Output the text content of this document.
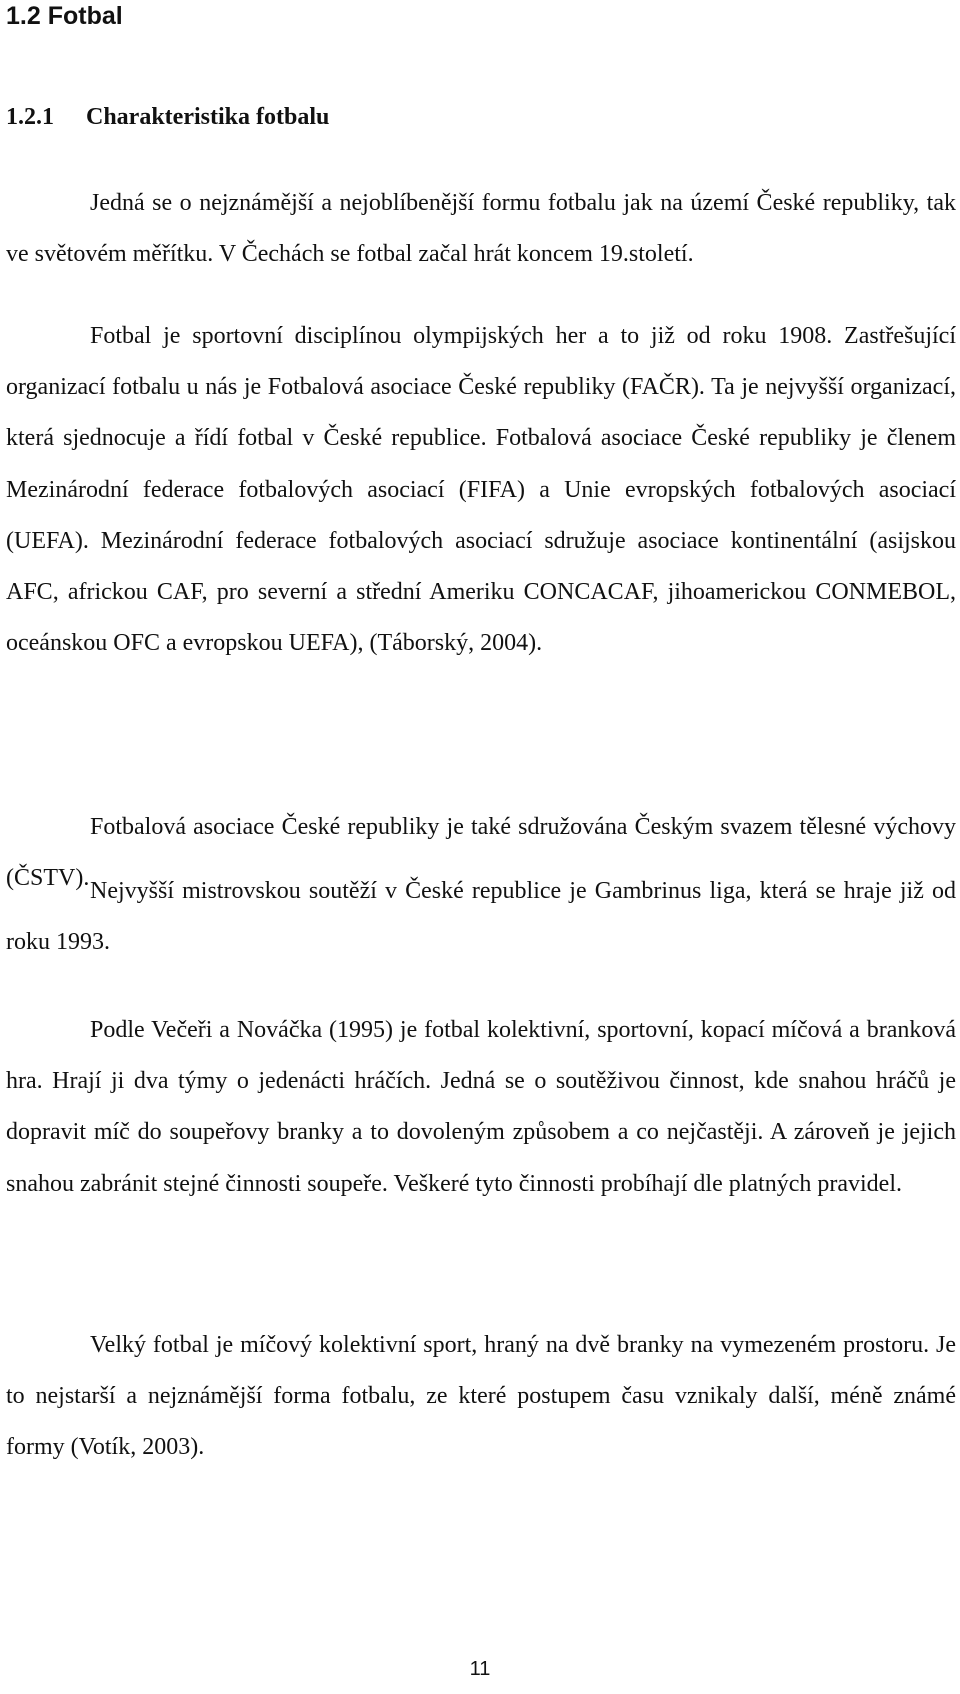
1.2 Fotbal
1.2.1 Charakteristika fotbalu

Jedná se o nejznámější a nejoblíbenější formu fotbalu jak na území České republiky, tak ve světovém měřítku. V Čechách se fotbal začal hrát koncem 19.století.

Fotbal je sportovní disciplínou olympijských her a to již od roku 1908. Zastřešující organizací fotbalu u nás je Fotbalová asociace České republiky (FAČR). Ta je nejvyšší organizací, která sjednocuje a řídí fotbal v České republice. Fotbalová asociace České republiky je členem Mezinárodní federace fotbalových asociací (FIFA) a Unie evropských fotbalových asociací (UEFA). Mezinárodní federace fotbalových asociací sdružuje asociace kontinentální (asijskou AFC, africkou CAF, pro severní a střední Ameriku CONCACAF, jihoamerickou CONMEBOL, oceánskou OFC a evropskou UEFA), (Táborský, 2004).

Fotbalová asociace České republiky je také sdružována Českým svazem tělesné výchovy (ČSTV). Nejvyšší mistrovskou soutěží v České republice je Gambrinus liga, která se hraje již od roku 1993.

Podle Večeři a Nováčka (1995) je fotbal kolektivní, sportovní, kopací míčová a branková hra. Hrají ji dva týmy o jedenácti hráčích. Jedná se o soutěživou činnost, kde snahou hráčů je dopravit míč do soupeřovy branky a to dovoleným způsobem a co nejčastěji. A zároveň je jejich snahou zabránit stejné činnosti soupeře. Veškeré tyto činnosti probíhají dle platných pravidel.

Velký fotbal je míčový kolektivní sport, hraný na dvě branky na vymezeném prostoru. Je to nejstarší a nejznámější forma fotbalu, ze které postupem času vznikaly další, méně známé formy (Votík, 2003).

11
